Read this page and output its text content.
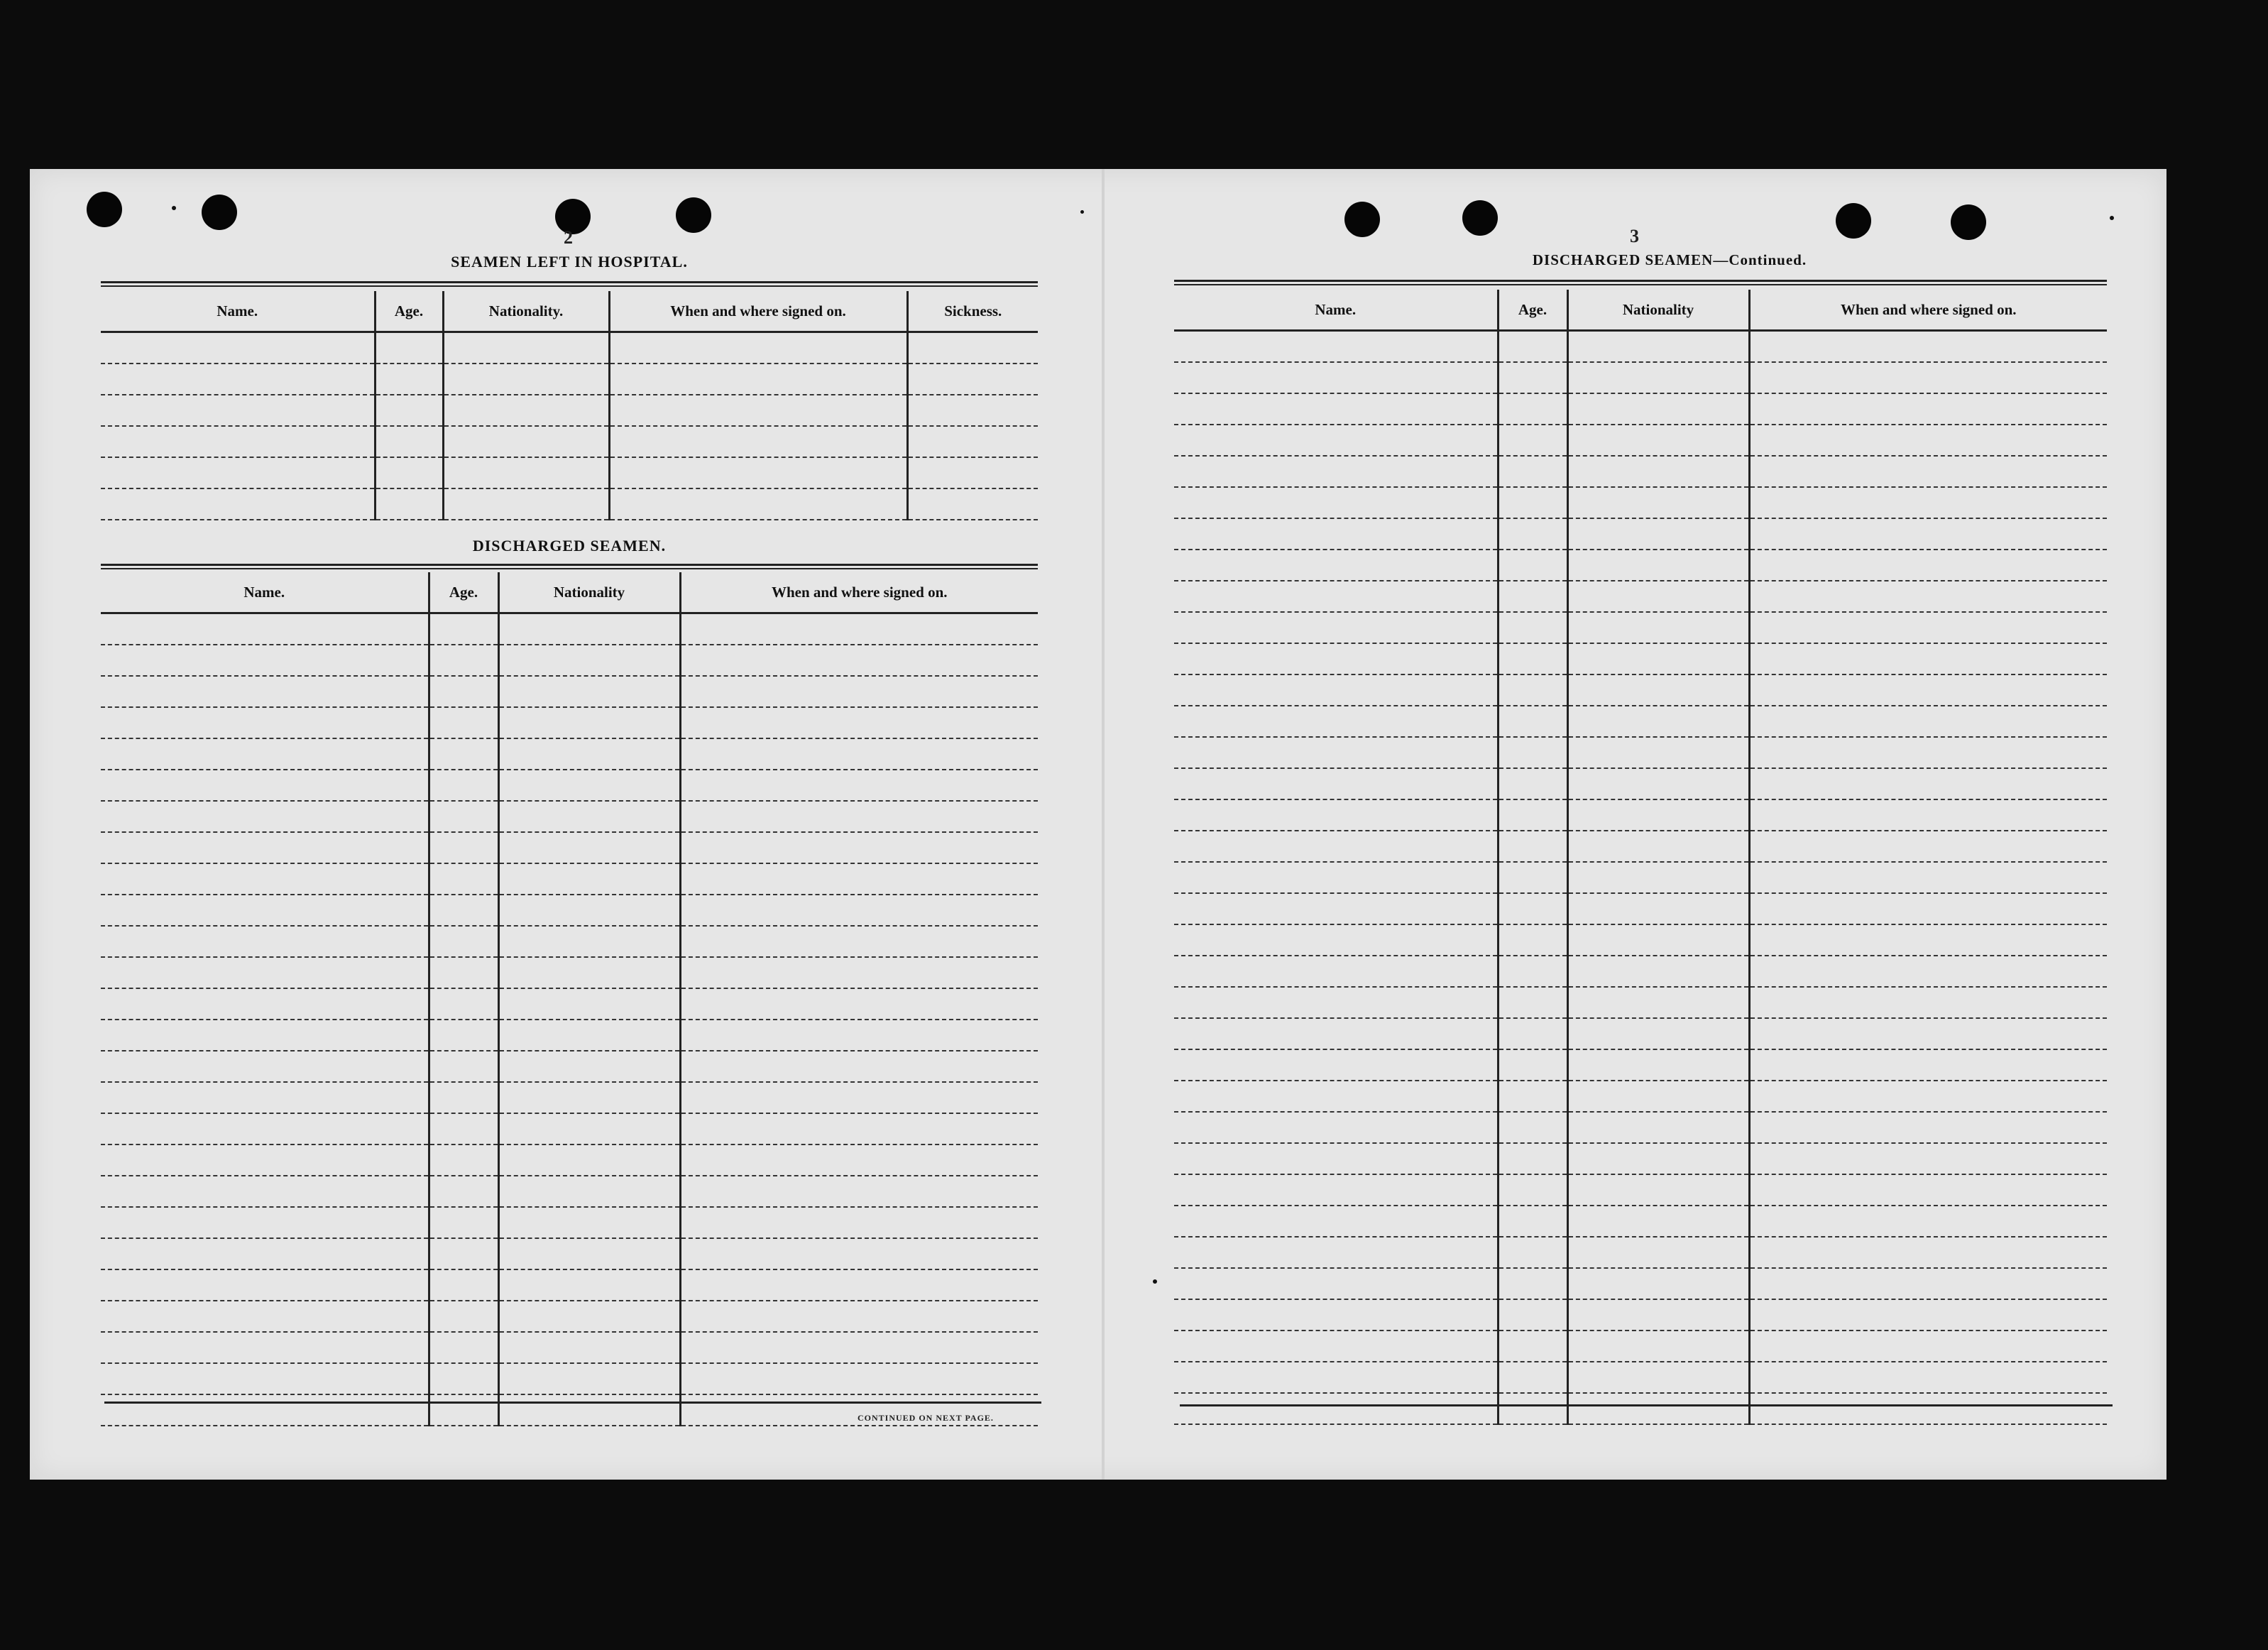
2
SEAMEN LEFT IN HOSPITAL.
Name.	Age.	Nationality.	When and where signed on.	Sickness.

DISCHARGED SEAMEN.
Name.	Age.	Nationality	When and where signed on.

CONTINUED ON NEXT PAGE.
3
DISCHARGED SEAMEN—Continued.
Name.	Age.	Nationality	When and where signed on.
